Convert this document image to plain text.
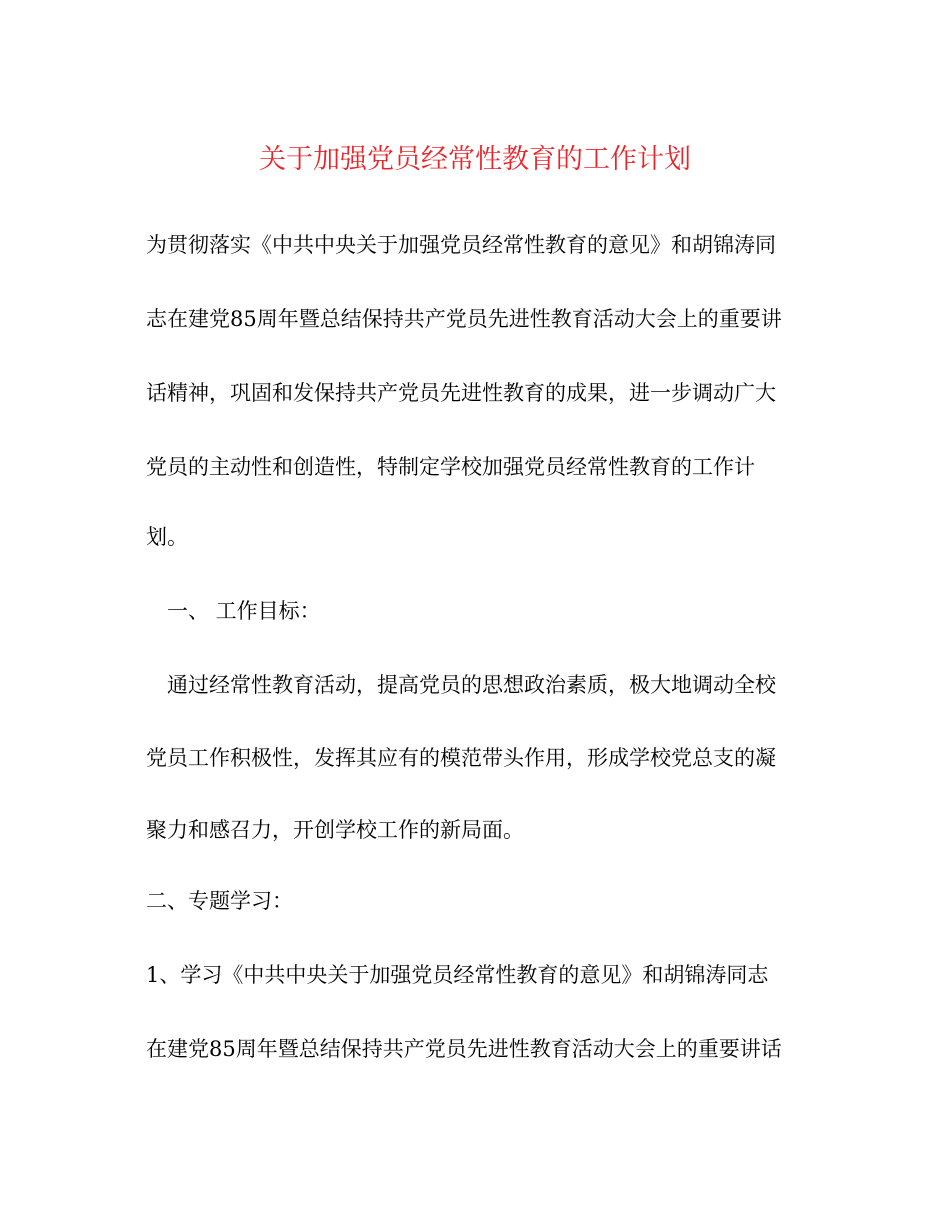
关于加强党员经常性教育的工作计划
为贯彻落实《中共中央关于加强党员经常性教育的意见》和胡锦涛同
志在建党85周年暨总结保持共产党员先进性教育活动大会上的重要讲
话精神，巩固和发保持共产党员先进性教育的成果，进一步调动广大
党员的主动性和创造性，特制定学校加强党员经常性教育的工作计
划。
　一、 工作目标：
　通过经常性教育活动，提高党员的思想政治素质，极大地调动全校
党员工作积极性，发挥其应有的模范带头作用，形成学校党总支的凝
聚力和感召力，开创学校工作的新局面。
二、专题学习：
1、学习《中共中央关于加强党员经常性教育的意见》和胡锦涛同志
在建党85周年暨总结保持共产党员先进性教育活动大会上的重要讲话
